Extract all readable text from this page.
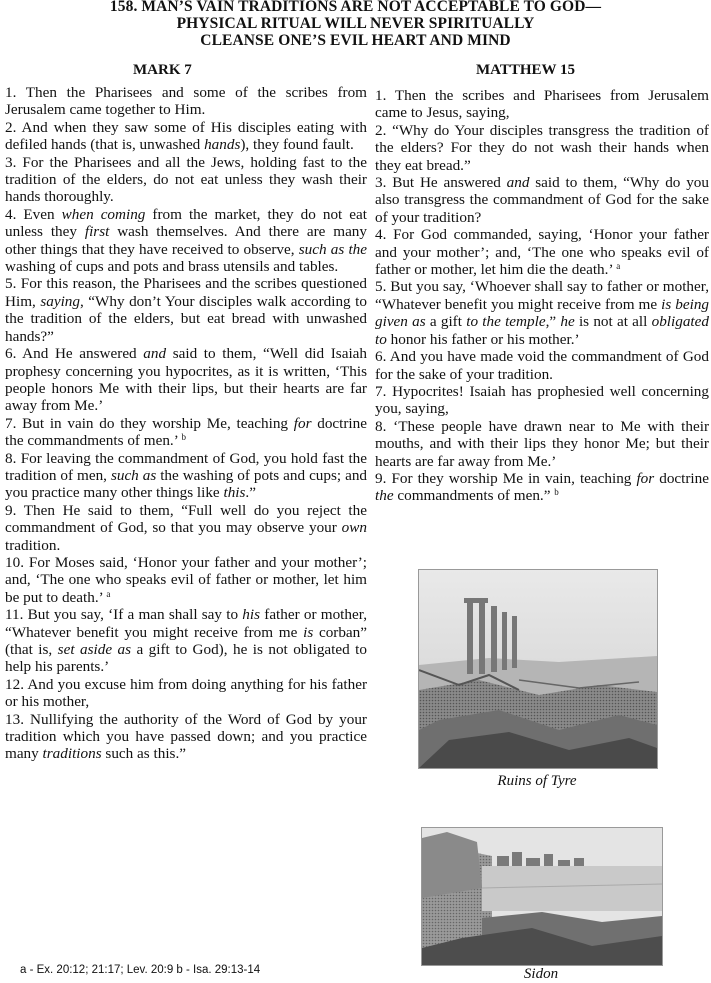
158. MAN’S VAIN TRADITIONS ARE NOT ACCEPTABLE TO GOD—
PHYSICAL RITUAL WILL NEVER SPIRITUALLY
CLEANSE ONE’S EVIL HEART AND MIND
MARK 7	MATTHEW 15

1. Then the Pharisees and some of the scribes from Jerusalem came together to Him.

2. And when they saw some of His disciples eating with defiled hands (that is, unwashed hands), they found fault.

3. For the Pharisees and all the Jews, holding fast to the tradition of the elders, do not eat unless they wash their hands thoroughly.

4. Even when coming from the market, they do not eat unless they first wash themselves. And there are many other things that they have received to observe, such as the washing of cups and pots and brass utensils and tables.

5. For this reason, the Pharisees and the scribes questioned Him, saying, “Why don’t Your disciples walk according to the tradition of the elders, but eat bread with unwashed hands?”

6. And He answered and said to them, “Well did Isaiah prophesy concerning you hypocrites, as it is written, ‘This people honors Me with their lips, but their hearts are far away from Me.’

7. But in vain do they worship Me, teaching for doctrine the commandments of men.’ $^b$

8. For leaving the commandment of God, you hold fast the tradition of men, such as the washing of pots and cups; and you practice many other things like this.”

9. Then He said to them, “Full well do you reject the commandment of God, so that you may observe your own tradition.

10. For Moses said, ‘Honor your father and your mother’; and, ‘The one who speaks evil of father or mother, let him be put to death.’ $^a$

11. But you say, ‘If a man shall say to his father or mother, “Whatever benefit you might receive from me is corban” (that is, set aside as a gift to God), he is not obligated to help his parents.’

12. And you excuse him from doing anything for his father or his mother,

13. Nullifying the authority of the Word of God by your tradition which you have passed down; and you practice many traditions such as this.”

1. Then the scribes and Pharisees from Jerusalem came to Jesus, saying,

2. “Why do Your disciples transgress the tradition of the elders? For they do not wash their hands when they eat bread.”

3. But He answered and said to them, “Why do you also transgress the commandment of God for the sake of your tradition?

4. For God commanded, saying, ‘Honor your father and your mother’; and, ‘The one who speaks evil of father or mother, let him die the death.’ $^a$

5. But you say, ‘Whoever shall say to father or mother, “Whatever benefit you might receive from me is being given as a gift to the temple,” he is not at all obligated to honor his father or his mother.’

6. And you have made void the commandment of God for the sake of your tradition.

7. Hypocrites! Isaiah has prophesied well concerning you, saying,

8. ‘These people have drawn near to Me with their mouths, and with their lips they honor Me; but their hearts are far away from Me.’

9. For they worship Me in vain, teaching for doctrine the commandments of men.” $^b$

Ruins of Tyre
Sidon
a - Ex. 20:12; 21:17; Lev. 20:9 b - Isa. 29:13-14
